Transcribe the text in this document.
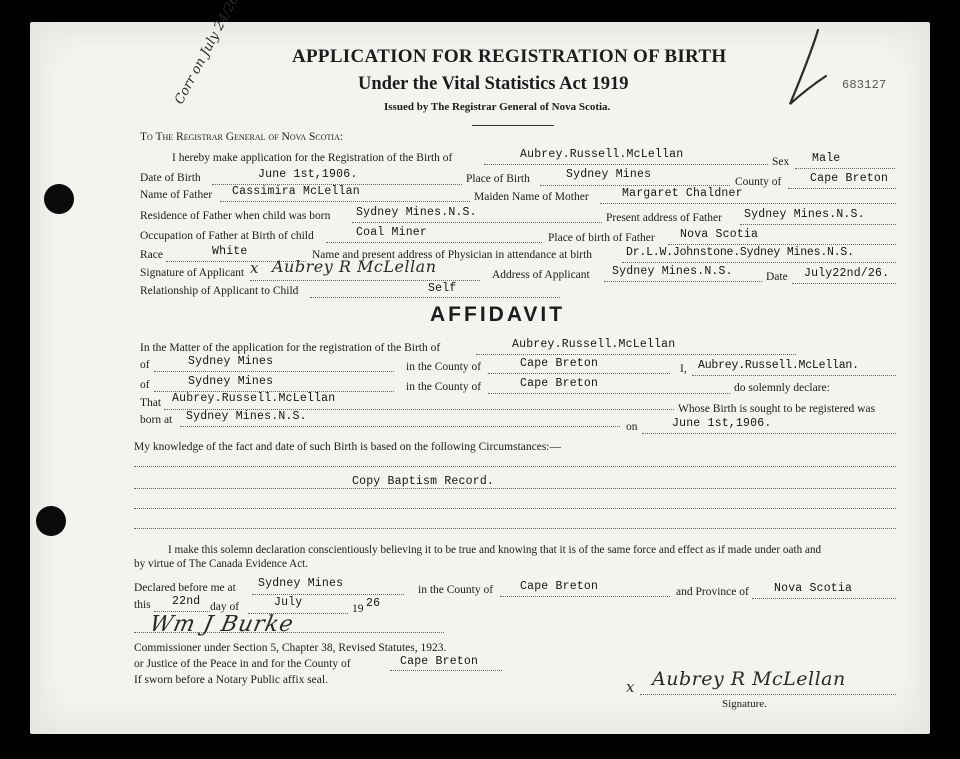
APPLICATION FOR REGISTRATION OF BIRTH
Under the Vital Statistics Act 1919
Issued by The Registrar General of Nova Scotia.
683127
To The Registrar General of Nova Scotia:
I hereby make application for the Registration of the Birth of	Aubrey.Russell.McLellan
Sex Male
Date of Birth	June 1st,1906.	Place of Birth	Sydney Mines
County of Cape Breton
Name of Father Cassimira McLellan	Maiden Name of Mother	Margaret Chaldner
Residence of Father when child was born Sydney Mines.N.S.	Present address of Father Sydney Mines.N.S.
Occupation of Father at Birth of child	Coal Miner	Place of birth of Father Nova Scotia
Race	White	Name and present address of Physician in attendance at birth	Dr.L.W.Johnstone.Sydney Mines.N.S.
Signature of Applicant x Aubrey R McLellan	Address of Applicant Sydney Mines.N.S.	Date July22nd/26.
Relationship of Applicant to Child	Self
AFFIDAVIT
In the Matter of the application for the registration of the Birth of	Aubrey.Russell.McLellan
of	Sydney Mines	in the County of	Cape Breton	I, Aubrey.Russell.McLellan.
of	Sydney Mines	in the County of	Cape Breton	do solemnly declare:
That Aubrey.Russell.McLellan
born at Sydney Mines.N.S.
Whose Birth is sought to be registered was
on	June 1st,1906.
My knowledge of the fact and date of such Birth is based on the following Circumstances:—
Copy Baptism Record.
I make this solemn declaration conscientiously believing it to be true and knowing that it is of the same force and effect as if made under oath and
by virtue of The Canada Evidence Act.
Declared before me at Sydney Mines	in the County of Cape Breton	and Province of Nova Scotia
this 22nd day of	July	19 26
Wm J Burke
Commissioner under Section 5, Chapter 38, Revised Statutes, 1923.
or Justice of the Peace in and for the County of	Cape Breton
If sworn before a Notary Public affix seal.	x Aubrey R McLellan
Signature.
